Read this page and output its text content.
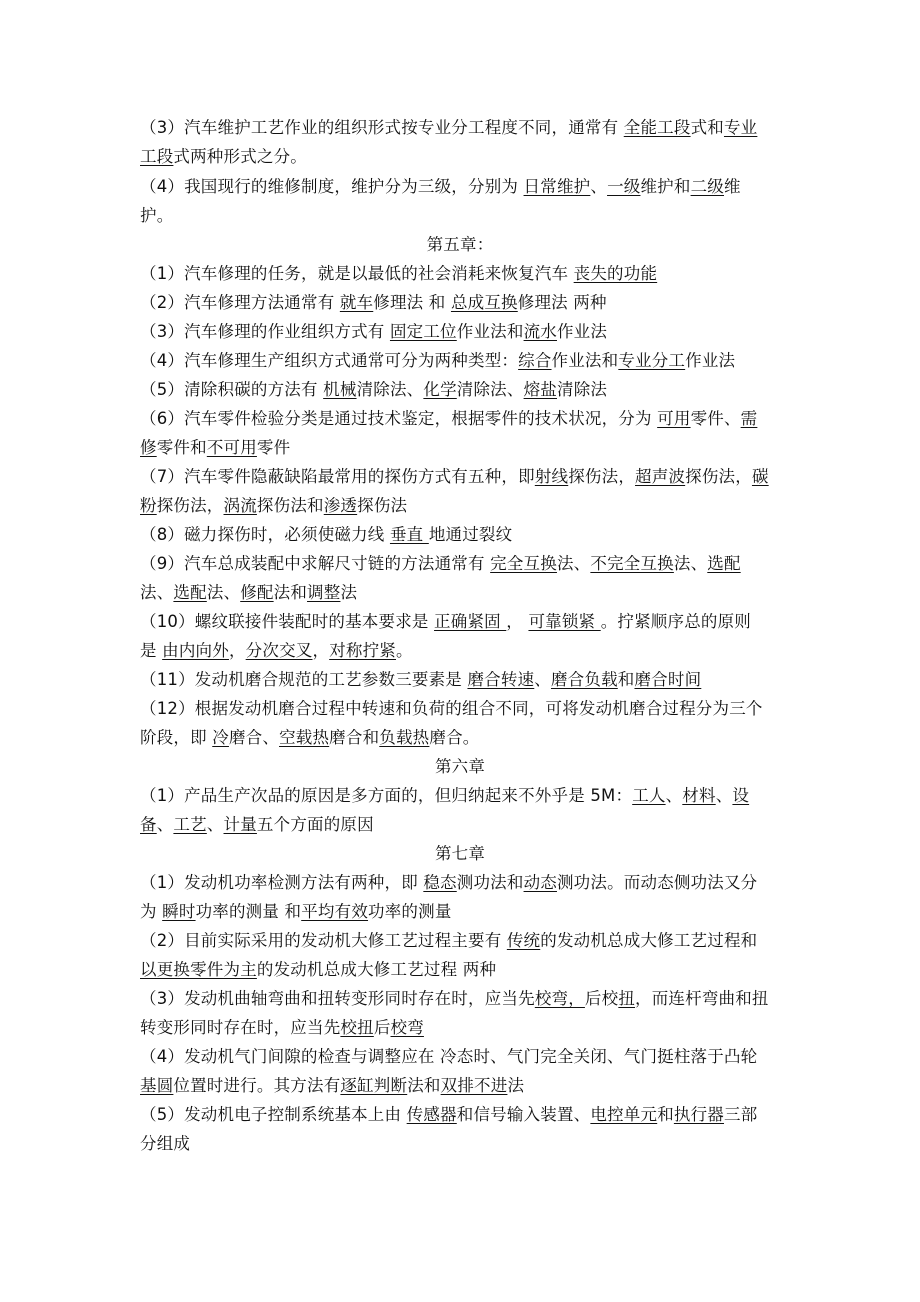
（3）汽车维护工艺作业的组织形式按专业分工程度不同，通常有 全能工段式和专业
工段式两种形式之分。
（4）我国现行的维修制度，维护分为三级，分别为 日常维护、一级维护和二级维
护。
第五章：
（1）汽车修理的任务，就是以最低的社会消耗来恢复汽车 丧失的功能
（2）汽车修理方法通常有 就车修理法 和 总成互换修理法 两种
（3）汽车修理的作业组织方式有 固定工位作业法和流水作业法
（4）汽车修理生产组织方式通常可分为两种类型：综合作业法和专业分工作业法
（5）清除积碳的方法有 机械清除法、化学清除法、熔盐清除法
（6）汽车零件检验分类是通过技术鉴定，根据零件的技术状况，分为 可用零件、需
修零件和不可用零件
（7）汽车零件隐蔽缺陷最常用的探伤方式有五种，即射线探伤法，超声波探伤法，碳
粉探伤法，涡流探伤法和渗透探伤法
（8）磁力探伤时，必须使磁力线 垂直 地通过裂纹
（9）汽车总成装配中求解尺寸链的方法通常有 完全互换法、不完全互换法、选配
法、选配法、修配法和调整法
（10）螺纹联接件装配时的基本要求是 正确紧固 ， 可靠锁紧 。拧紧顺序总的原则
是 由内向外，分次交叉，对称拧紧。
（11）发动机磨合规范的工艺参数三要素是 磨合转速、磨合负载和磨合时间
（12）根据发动机磨合过程中转速和负荷的组合不同，可将发动机磨合过程分为三个
阶段，即 冷磨合、空载热磨合和负载热磨合。
第六章
（1）产品生产次品的原因是多方面的，但归纳起来不外乎是 5M：工人、材料、设
备、工艺、计量五个方面的原因
第七章
（1）发动机功率检测方法有两种，即 稳态测功法和动态测功法。而动态侧功法又分
为 瞬时功率的测量 和平均有效功率的测量
（2）目前实际采用的发动机大修工艺过程主要有 传统的发动机总成大修工艺过程和
以更换零件为主的发动机总成大修工艺过程 两种
（3）发动机曲轴弯曲和扭转变形同时存在时，应当先校弯，后校扭，而连杆弯曲和扭
转变形同时存在时，应当先校扭后校弯
（4）发动机气门间隙的检查与调整应在 冷态时、气门完全关闭、气门挺柱落于凸轮
基圆位置时进行。其方法有逐缸判断法和双排不进法
（5）发动机电子控制系统基本上由 传感器和信号输入装置、电控单元和执行器三部
分组成
